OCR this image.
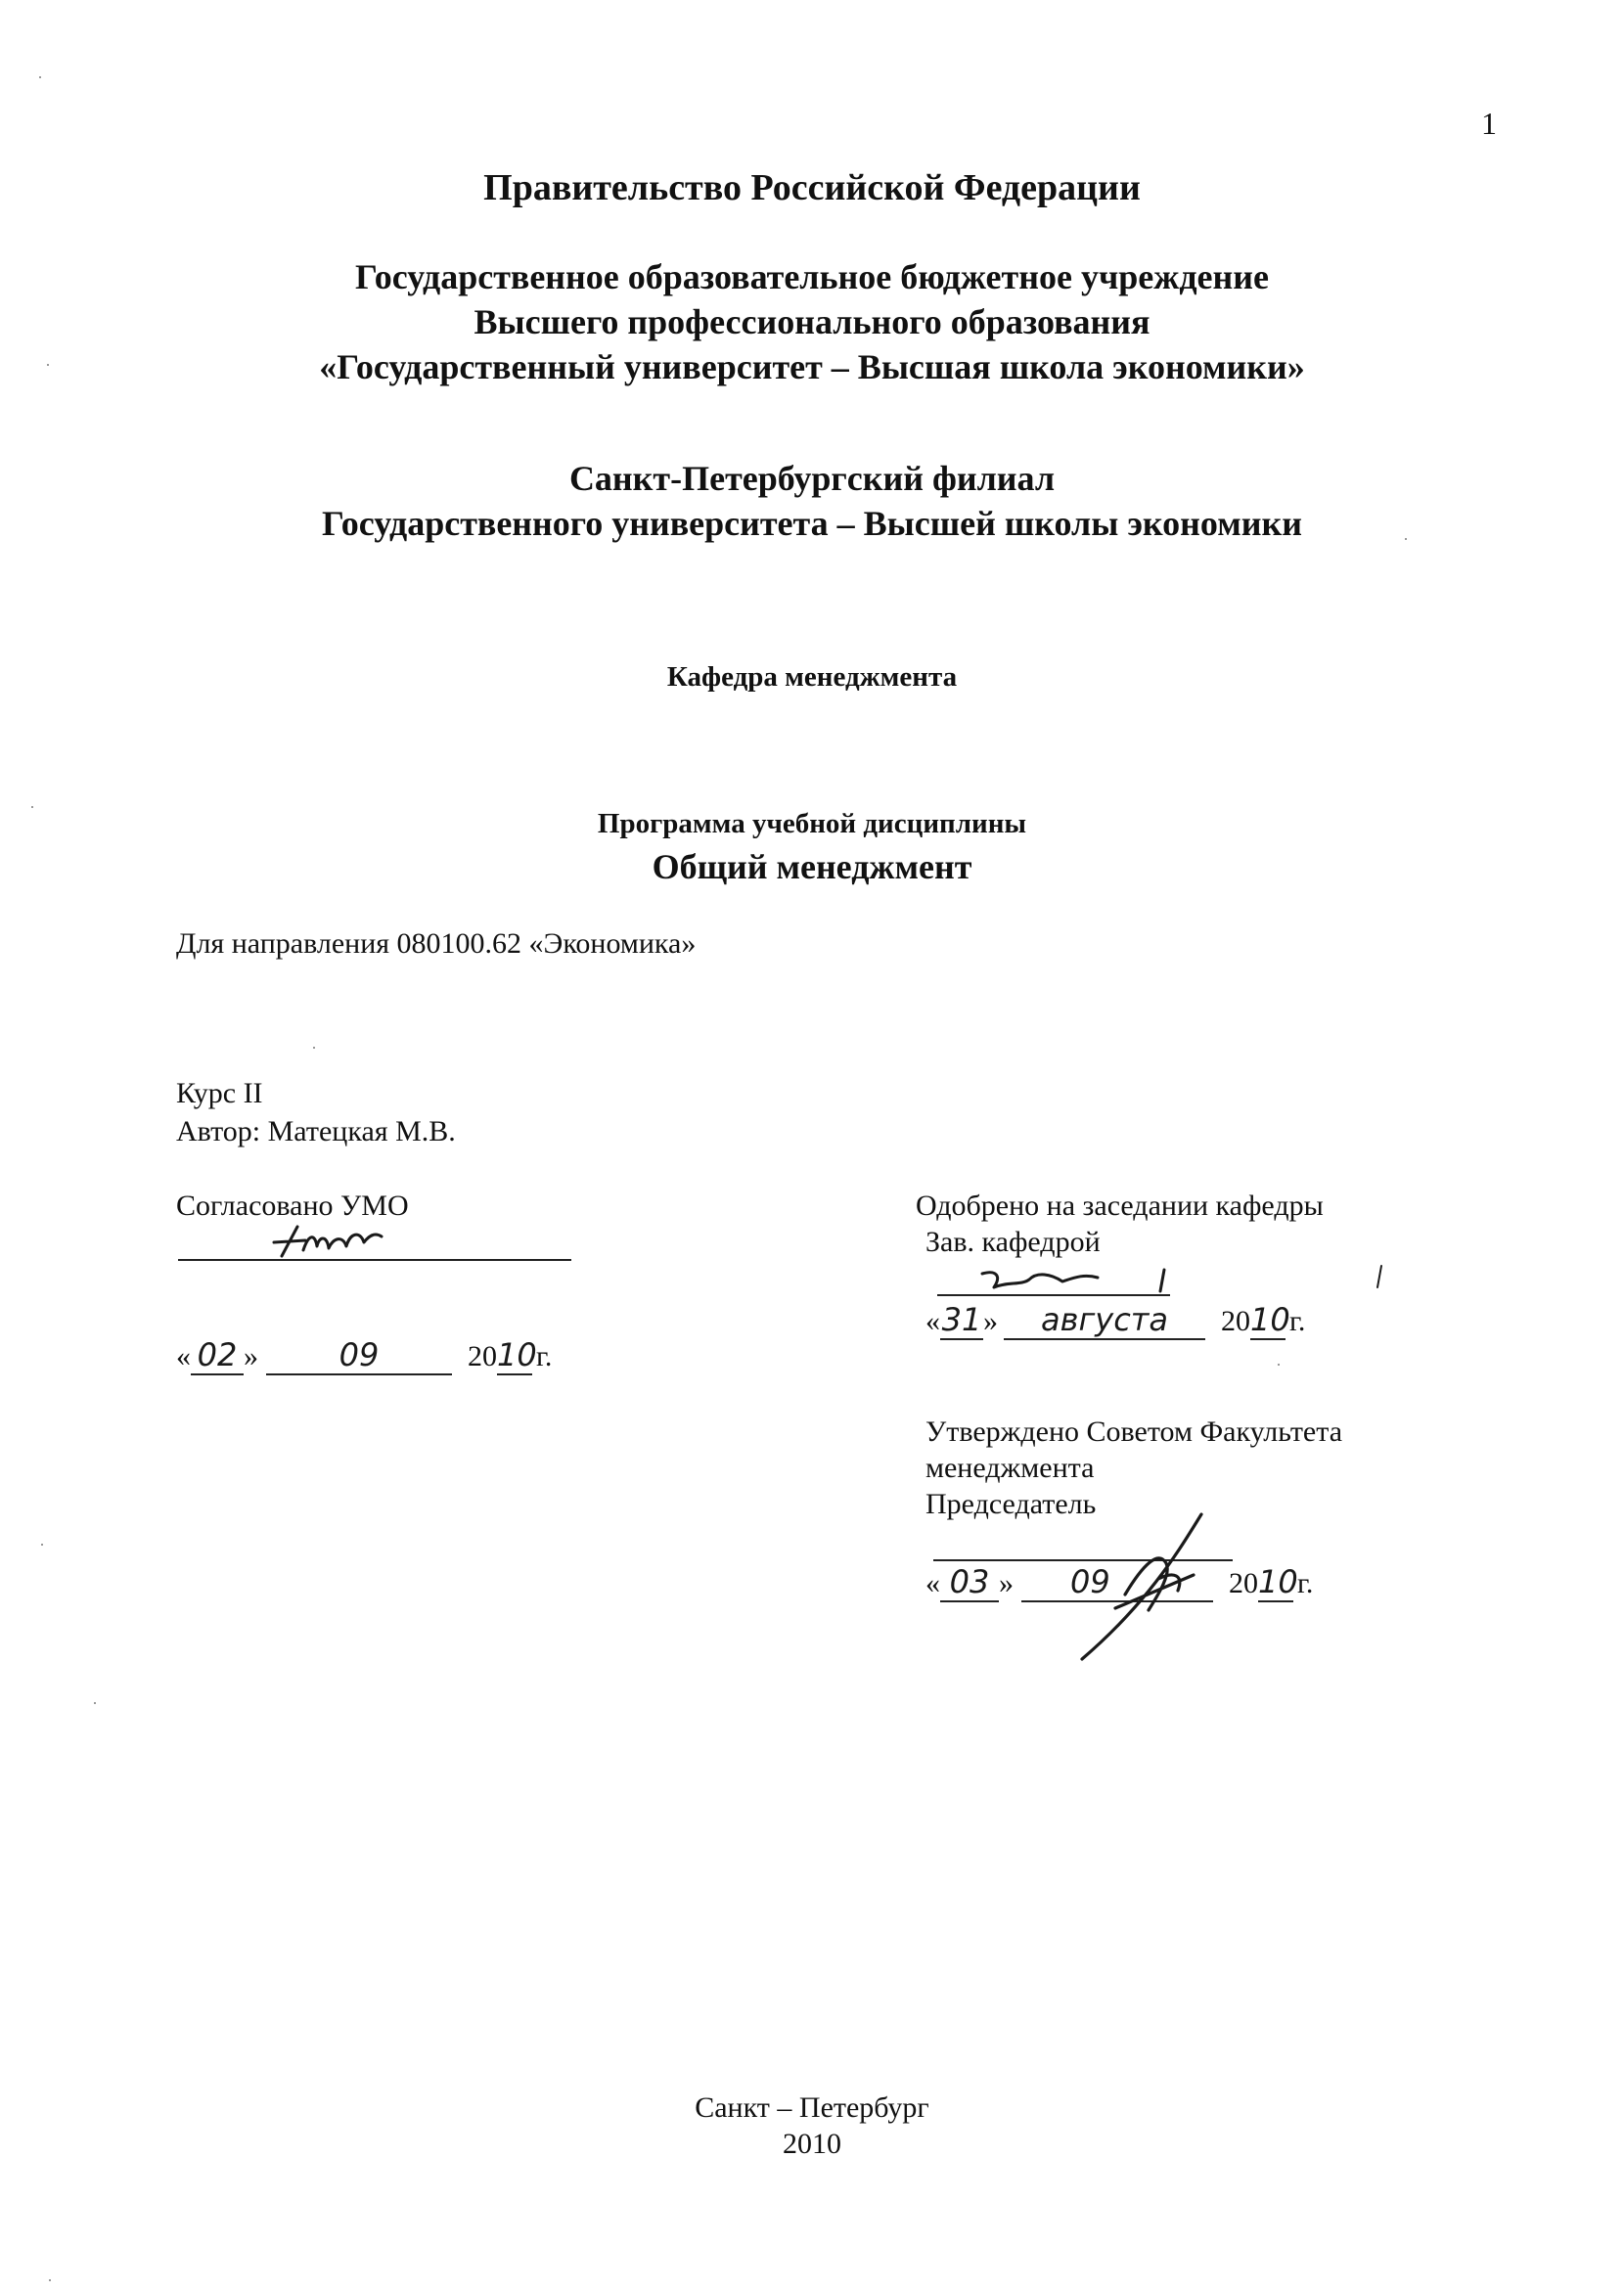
1
Правительство Российской Федерации
Государственное образовательное бюджетное учреждение
Высшего профессионального образования
«Государственный университет – Высшая школа экономики»
Санкт-Петербургский филиал
Государственного университета – Высшей школы экономики
Кафедра менеджмента
Программа учебной дисциплины
Общий менеджмент
Для направления 080100.62 «Экономика»
Курс II
Автор: Матецкая М.В.
Согласовано УМО
« 02 »	09	2010г.
Одобрено на заседании кафедры
Зав. кафедрой
«31» августа 2010г.
Утверждено Советом Факультета
менеджмента
Председатель
« 03 » 09	2010г.
Санкт – Петербург
2010
